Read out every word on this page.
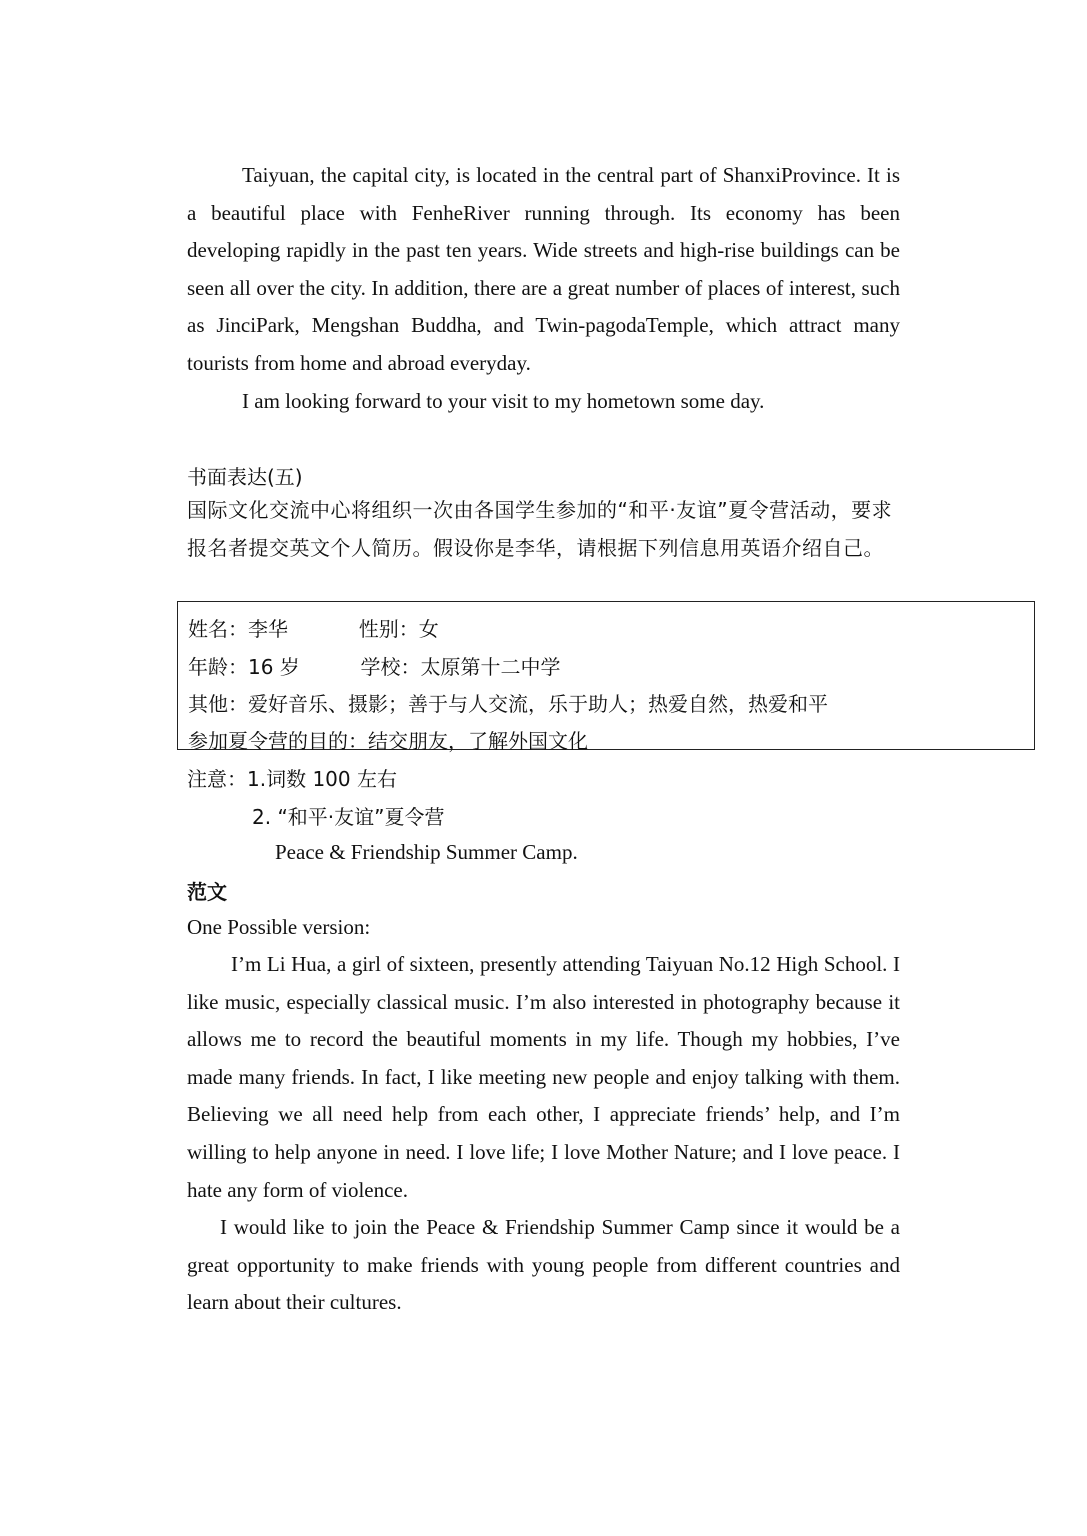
Taiyuan, the capital city, is located in the central part of ShanxiProvince. It is a beautiful place with FenheRiver running through. Its economy has been developing rapidly in the past ten years. Wide streets and high-rise buildings can be seen all over the city. In addition, there are a great number of places of interest, such as JinciPark, Mengshan Buddha, and Twin-pagodaTemple, which attract many tourists from home and abroad everyday.

I am looking forward to your visit to my hometown some day.

书面表达(五)

国际文化交流中心将组织一次由各国学生参加的“和平·友谊”夏令营活动，要求报名者提交英文个人简历。假设你是李华，请根据下列信息用英语介绍自己。

姓名：李华	性别：女
年龄：16 岁	学校：太原第十二中学
其他：爱好音乐、摄影；善于与人交流，乐于助人；热爱自然，热爱和平
参加夏令营的目的：结交朋友，了解外国文化
注意：1.词数 100 左右
2. “和平·友谊”夏令营
Peace & Friendship Summer Camp.
范文
One Possible version:

I’m Li Hua, a girl of sixteen, presently attending Taiyuan No.12 High School. I like music, especially classical music. I’m also interested in photography because it allows me to record the beautiful moments in my life. Though my hobbies, I’ve made many friends. In fact, I like meeting new people and enjoy talking with them. Believing we all need help from each other, I appreciate friends’ help, and I’m willing to help anyone in need. I love life; I love Mother Nature; and I love peace. I hate any form of violence.

I would like to join the Peace & Friendship Summer Camp since it would be a great opportunity to make friends with young people from different countries and learn about their cultures.
